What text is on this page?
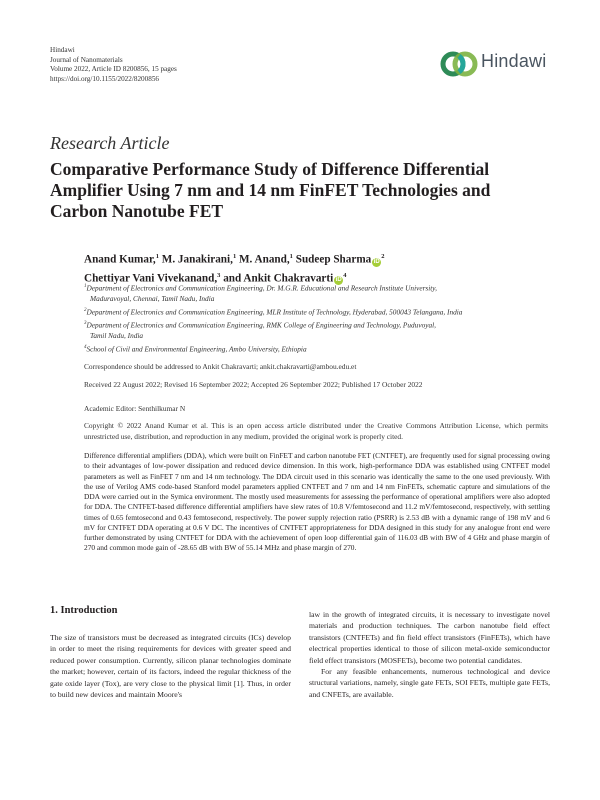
Hindawi
Journal of Nanomaterials
Volume 2022, Article ID 8200856, 15 pages
https://doi.org/10.1155/2022/8200856
Hindawi
Research Article
Comparative Performance Study of Difference Differential Amplifier Using 7 nm and 14 nm FinFET Technologies and Carbon Nanotube FET
Anand Kumar,$^1$ M. Janakirani,$^1$ M. Anand,$^1$ Sudeep Sharma $iD^2$
Chettiyar Vani Vivekanand,$^3$ and Ankit Chakravarti $iD^4$
$^1$Department of Electronics and Communication Engineering, Dr. M.G.R. Educational and Research Institute University,
Maduravoyal, Chennai, Tamil Nadu, India
$^2$Department of Electronics and Communication Engineering, MLR Institute of Technology, Hyderabad, 500043 Telangana, India
$^3$Department of Electronics and Communication Engineering, RMK College of Engineering and Technology, Puduvoyal,
Tamil Nadu, India
$^4$School of Civil and Environmental Engineering, Ambo University, Ethiopia
Correspondence should be addressed to Ankit Chakravarti; ankit.chakravarti@ambou.edu.et
Received 22 August 2022; Revised 16 September 2022; Accepted 26 September 2022; Published 17 October 2022
Academic Editor: Senthilkumar N
Copyright © 2022 Anand Kumar et al. This is an open access article distributed under the Creative Commons Attribution License, which permits unrestricted use, distribution, and reproduction in any medium, provided the original work is properly cited.
Difference differential amplifiers (DDA), which were built on FinFET and carbon nanotube FET (CNTFET), are frequently used for signal processing owing to their advantages of low-power dissipation and reduced device dimension. In this work, high-performance DDA was established using CNTFET model parameters as well as FinFET 7 nm and 14 nm technology. The DDA circuit used in this scenario was identically the same to the one used previously. With the use of Verilog AMS code-based Stanford model parameters applied CNTFET and 7 nm and 14 nm FinFETs, schematic capture and simulations of the DDA were carried out in the Symica environment. The mostly used measurements for assessing the performance of operational amplifiers were also adopted for DDA. The CNTFET-based difference differential amplifiers have slew rates of 10.8 V/femtosecond and 11.2 mV/femtosecond, respectively, with settling times of 0.65 femtosecond and 0.43 femtosecond, respectively. The power supply rejection ratio (PSRR) is 2.53 dB with a dynamic range of 198 mV and 6 mV for CNTFET DDA operating at 0.6 V DC. The incentives of CNTFET appropriateness for DDA designed in this study for any analogue front end were further demonstrated by using CNTFET for DDA with the achievement of open loop differential gain of 116.03 dB with BW of 4 GHz and phase margin of 270 and common mode gain of -28.65 dB with BW of 55.14 MHz and phase margin of 270.
1. Introduction

The size of transistors must be decreased as integrated circuits (ICs) develop in order to meet the rising requirements for devices with greater speed and reduced power consumption. Currently, silicon planar technologies dominate the market; however, certain of its factors, indeed the regular thickness of the gate oxide layer (Tox), are very close to the physical limit [1]. Thus, in order to build new devices and maintain Moore's

law in the growth of integrated circuits, it is necessary to investigate novel materials and production techniques. The carbon nanotube field effect transistors (CNTFETs) and fin field effect transistors (FinFETs), which have electrical properties identical to those of silicon metal-oxide semiconductor field effect transistors (MOSFETs), become two potential candidates.

For any feasible enhancements, numerous technological and device structural variations, namely, single gate FETs, SOI FETs, multiple gate FETs, and CNFETs, are available.
